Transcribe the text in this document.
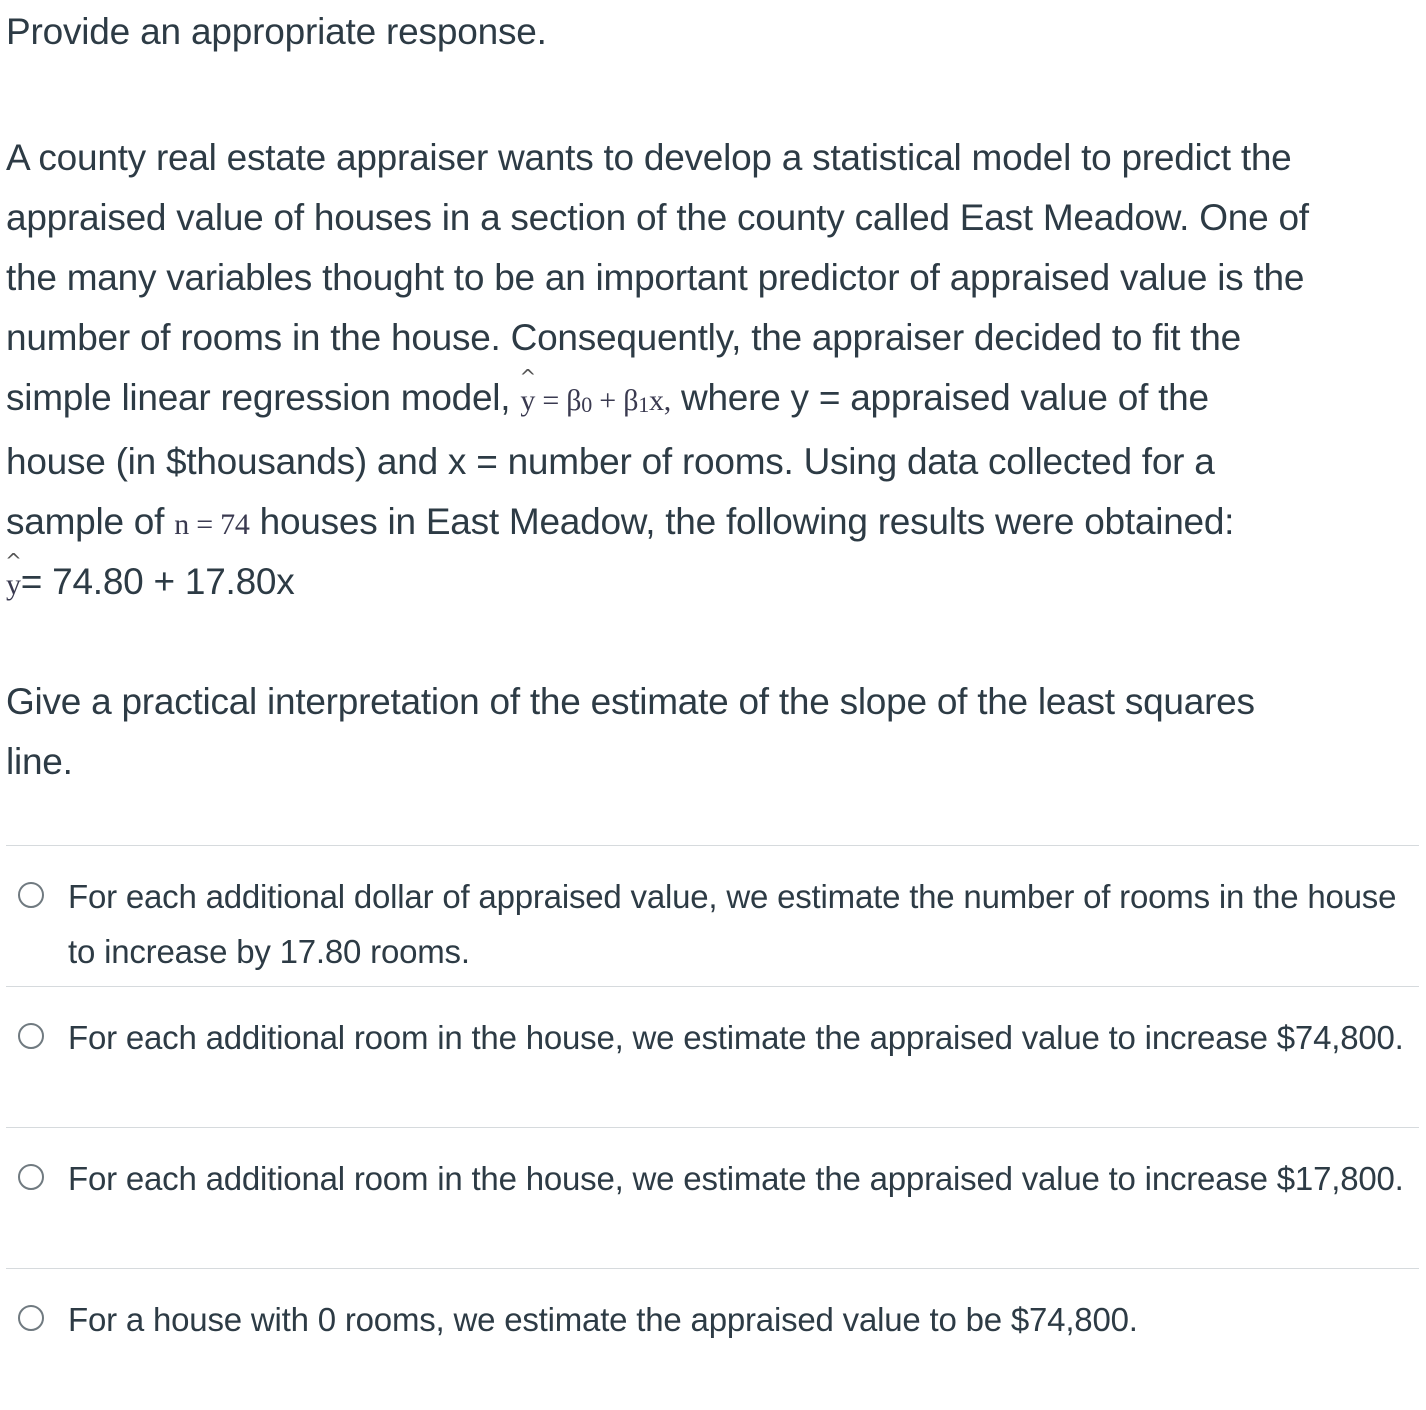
Provide an appropriate response.

A county real estate appraiser wants to develop a statistical model to predict the
appraised value of houses in a section of the county called East Meadow. One of
the many variables thought to be an important predictor of appraised value is the
number of rooms in the house. Consequently, the appraiser decided to fit the
simple linear regression model, ^ y = β0 + β1x, where y = appraised value of the
house (in $thousands) and x = number of rooms. Using data collected for a
sample of n = 74 houses in East Meadow, the following results were obtained:
^ y= 74.80 + 17.80x
Give a practical interpretation of the estimate of the slope of the least squares
line.
For each additional dollar of appraised value, we estimate the number of rooms in the house to increase by 17.80 rooms.
For each additional room in the house, we estimate the appraised value to increase $74,800.
For each additional room in the house, we estimate the appraised value to increase $17,800.
For a house with 0 rooms, we estimate the appraised value to be $74,800.
